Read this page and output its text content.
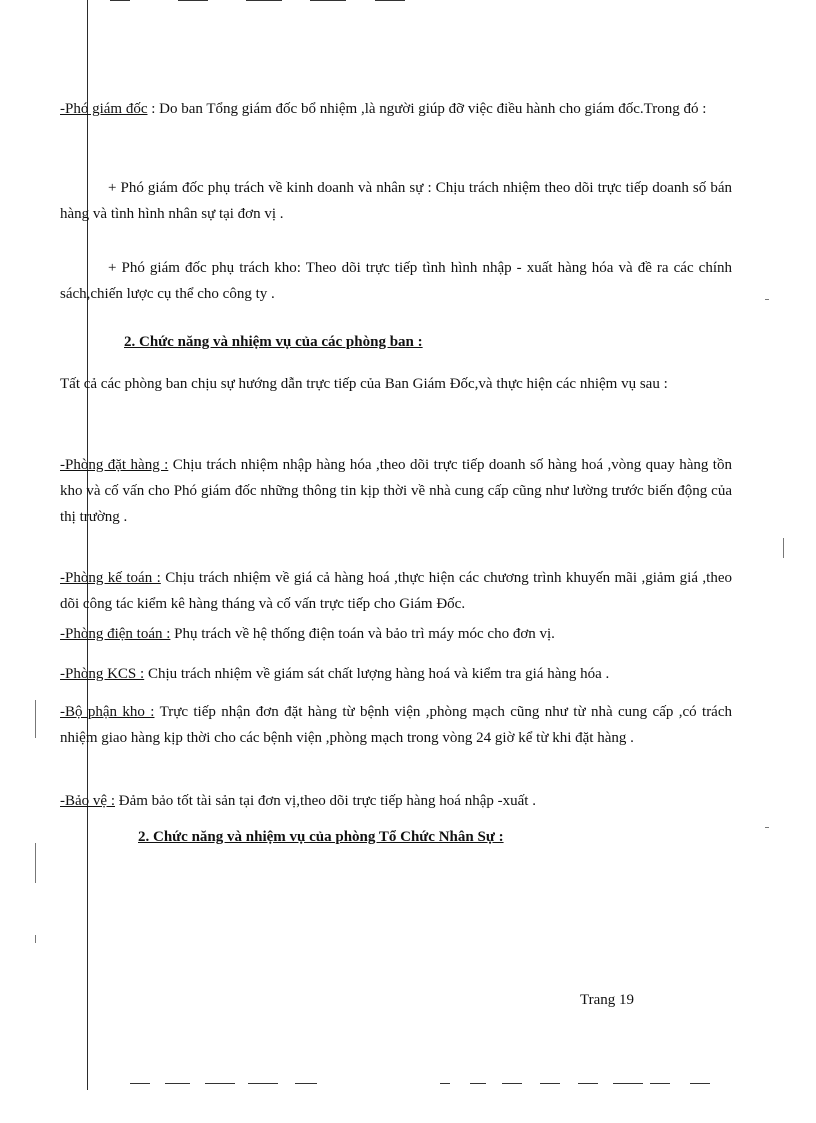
-Phó giám đốc : Do ban Tổng giám đốc bổ nhiệm ,là người giúp đỡ việc điều hành cho giám đốc.Trong đó :

+ Phó giám đốc phụ trách về kinh doanh và nhân sự : Chịu trách nhiệm theo dõi trực tiếp doanh số bán hàng và tình hình nhân sự tại đơn vị .

+ Phó giám đốc phụ trách kho: Theo dõi trực tiếp tình hình nhập - xuất hàng hóa và đề ra các chính sách,chiến lược cụ thể cho công ty .

2. Chức năng và nhiệm vụ của các phòng ban :

Tất cả các phòng ban chịu sự hướng dẫn trực tiếp của Ban Giám Đốc,và thực hiện các nhiệm vụ sau :

-Phòng đặt hàng : Chịu trách nhiệm nhập hàng hóa ,theo dõi trực tiếp doanh số hàng hoá ,vòng quay hàng tồn kho và cố vấn cho Phó giám đốc những thông tin kịp thời về nhà cung cấp cũng như lường trước biến động của thị trường .

-Phòng kế toán : Chịu trách nhiệm về giá cả hàng hoá ,thực hiện các chương trình khuyến mãi ,giảm giá ,theo dõi công tác kiểm kê hàng tháng và cố vấn trực tiếp cho Giám Đốc.

-Phòng điện toán : Phụ trách về hệ thống điện toán và bảo trì máy móc cho đơn vị.

-Phòng KCS : Chịu trách nhiệm về giám sát chất lượng hàng hoá và kiểm tra giá hàng hóa .

-Bộ phận kho : Trực tiếp nhận đơn đặt hàng từ bệnh viện ,phòng mạch cũng như từ nhà cung cấp ,có trách nhiệm giao hàng kịp thời cho các bệnh viện ,phòng mạch trong vòng 24 giờ kể từ khi đặt hàng .

-Bảo vệ : Đảm bảo tốt tài sản tại đơn vị,theo dõi trực tiếp hàng hoá nhập -xuất .

2. Chức năng và nhiệm vụ của phòng Tổ Chức Nhân Sự :

Trang 19
